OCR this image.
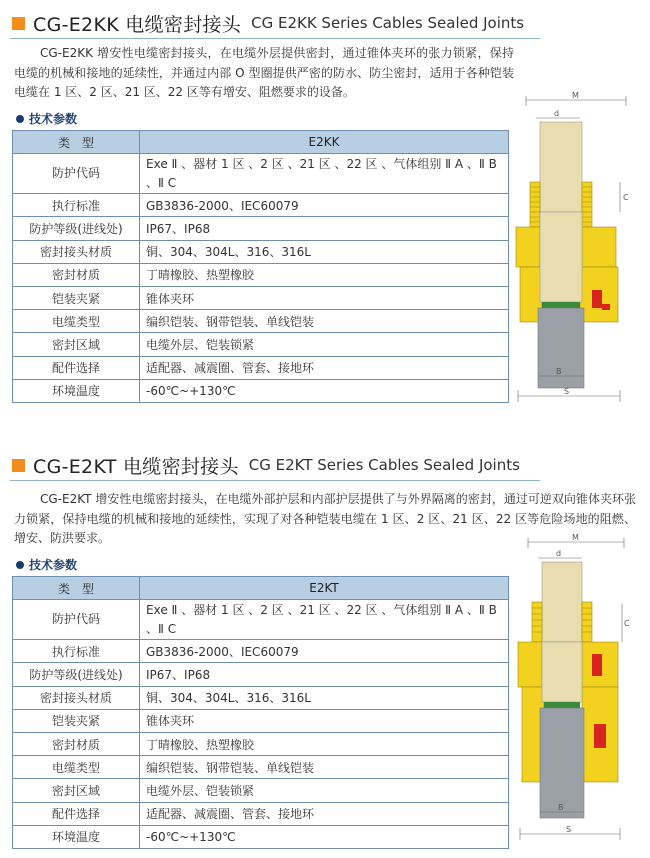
CG-E2KK 电缆密封接头 CG E2KK Series Cables Sealed Joints

CG-E2KK 增安性电缆密封接头，在电缆外层提供密封，通过锥体夹环的张力锁紧，保持电缆的机械和接地的延续性，并通过内部 O 型圈提供严密的防水、防尘密封，适用于各种铠装电缆在 1 区、2 区、21 区、22 区等有增安、阻燃要求的设备。

技术参数
类　型	E2KK
防护代码	Exe Ⅱ 、器材 1 区 、2 区 、21 区 、22 区 、气体组别 Ⅱ A 、Ⅱ B 、Ⅱ C
执行标准	GB3836-2000、IEC60079
防护等级(进线处)	IP67、IP68
密封接头材质	铜、304、304L、316、316L
密封材质	丁晴橡胶、热塑橡胶
铠装夹紧	锥体夹环
电缆类型	编织铠装、钢带铠装、单线铠装
密封区域	电缆外层、铠装锁紧
配件选择	适配器、减震圈、管套、接地环
环境温度	-60℃~+130℃
M
d
C
B
S
CG-E2KT 电缆密封接头 CG E2KT Series Cables Sealed Joints

CG-E2KT 增安性电缆密封接头，在电缆外部护层和内部护层提供了与外界隔离的密封，通过可逆双向锥体夹环张力锁紧，保持电缆的机械和接地的延续性，实现了对各种铠装电缆在 1 区、2 区、21 区、22 区等危险场地的阻燃、增安、防洪要求。

技术参数
类　型	E2KT
防护代码	Exe Ⅱ 、器材 1 区 、2 区 、21 区 、22 区 、气体组别 Ⅱ A 、Ⅱ B 、Ⅱ C
执行标准	GB3836-2000、IEC60079
防护等级(进线处)	IP67、IP68
密封接头材质	铜、304、304L、316、316L
铠装夹紧	锥体夹环
密封材质	丁晴橡胶、热塑橡胶
电缆类型	编织铠装、钢带铠装、单线铠装
密封区域	电缆外层、铠装锁紧
配件选择	适配器、减震圈、管套、接地环
环境温度	-60℃~+130℃
M
d
C
B
S
